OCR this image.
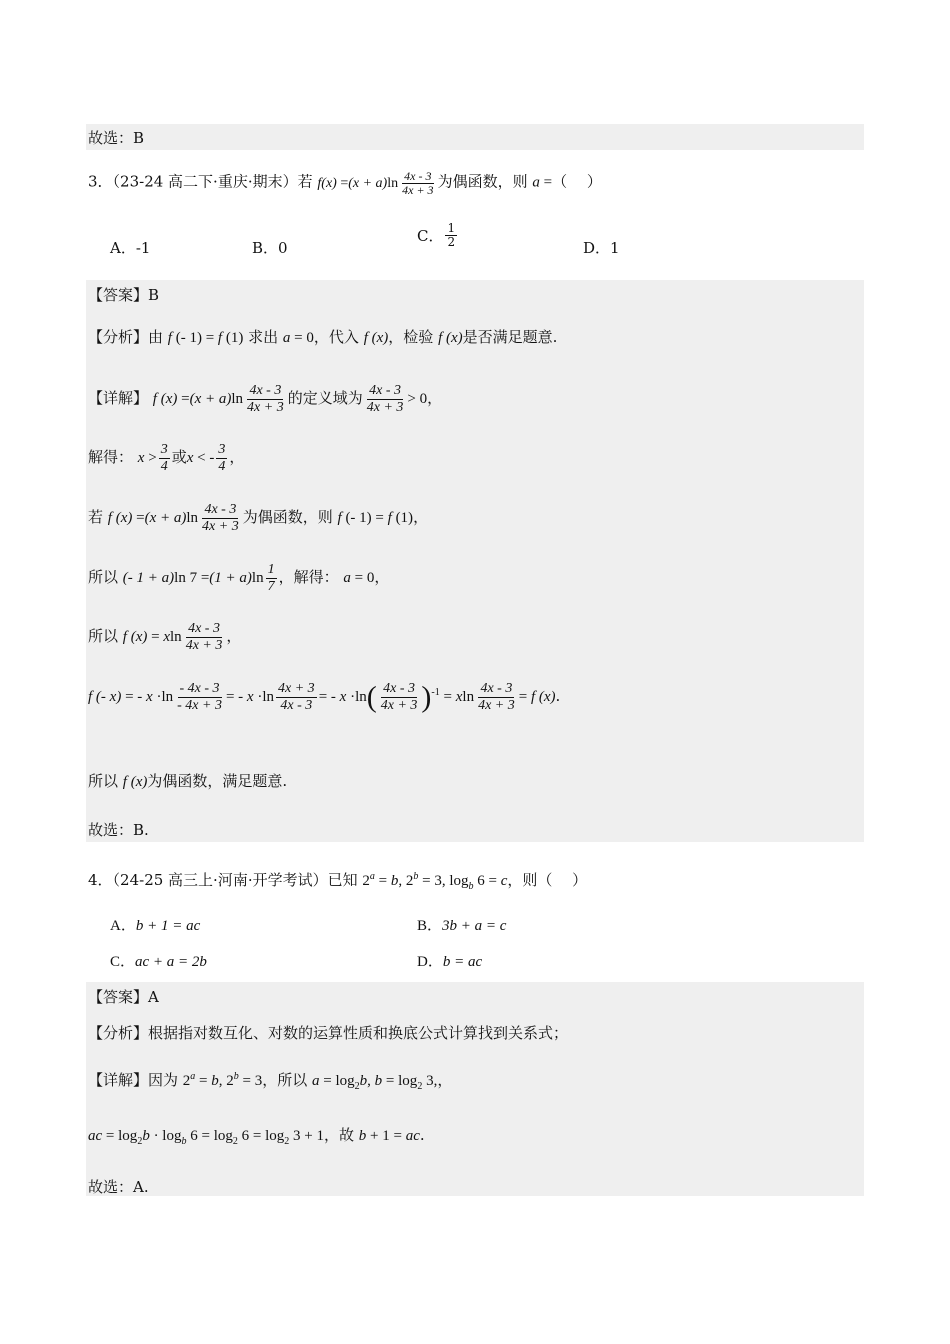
故选：B
3．（23-24 高二下·重庆·期末）若 $f(x) =(x + a)\ln \frac{4x - 3}{4x + 3}$ 为偶函数，则 a =（　 ）
A．-1	B．0
C． $\frac{1}{2}$	D．1
【答案】B
【分析】由 f (- 1) = f (1) 求出 a = 0，代入 f (x)，检验 f (x)是否满足题意.
【详解】 f $(x) =(x + a)\ln \frac{4x - 3}{4x + 3}$ 的定义域为 $\frac{4x - 3}{4x + 3} > 0$，
解得： $x > \frac{3}{4}$ 或x < - $\frac{3}{4}$ ，
若 f $(x) =(x + a)\ln \frac{4x - 3}{4x + 3}$ 为偶函数，则 f (- 1) = f (1)，
所以 (- 1 + a)ln $7 =(1 + a)\ln \frac{1}{7}$ ，解得： a = 0，
所以 f (x) = xln $\frac{4x - 3}{4x + 3}$ ，
f (- x) = - $x \cdot\ln \frac{- 4x - 3}{- 4x + 3}$ = - $x \cdot\ln \frac{4x + 3}{4x - 3}$ = - $x \cdot\ln( \frac{4x - 3}{4x + 3} )^{-1} = xln \frac{4x - 3}{4x + 3} = f$ (x).
所以 f (x)为偶函数，满足题意.
故选：B.
4．（24-25 高三上·河南·开学考试）已知 $2^a = b$, $2^b = 3$, $\log_b 6 = c$，则（　 ）
A．b + 1 = ac	B．3b + a = c
C．ac + a = 2b	D．b = ac
【答案】A
【分析】根据指对数互化、对数的运算性质和换底公式计算找到关系式；
【详解】因为 $2^a = b$, $2^b = 3$，所以 $a = \log_2b$, $b = \log_2 3$,，
ac = $\log_2b \cdot \log_b 6 = \log_2 6 = \log_2 3 + 1$，故 b + 1 = ac.
故选：A.
